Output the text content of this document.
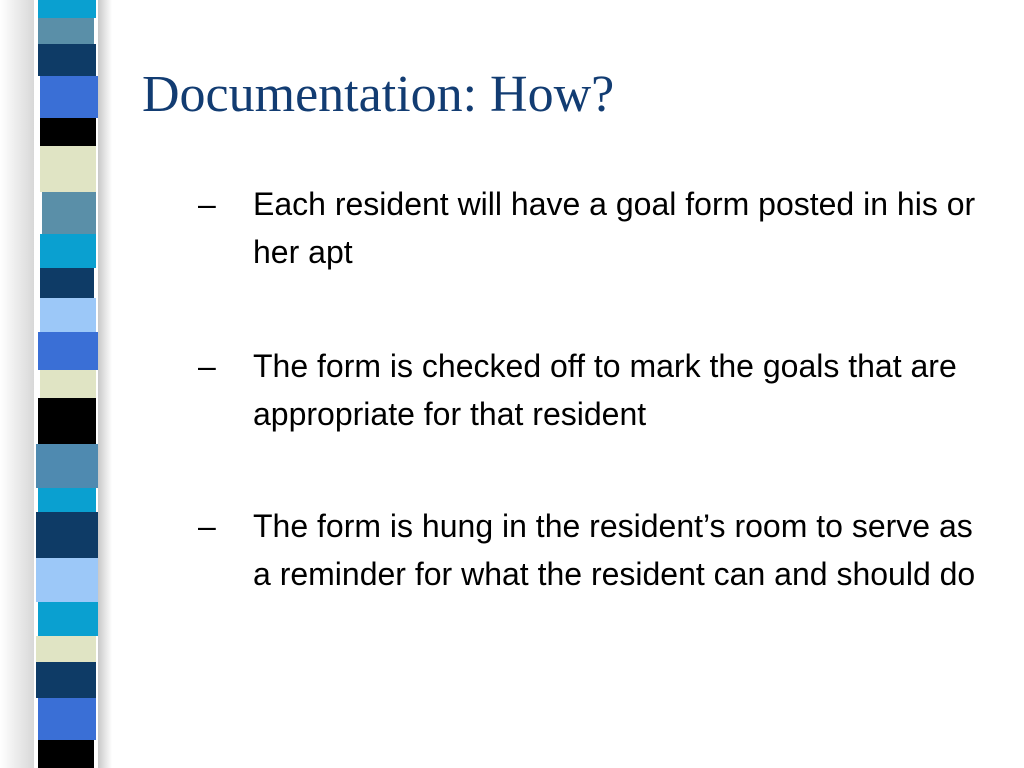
Documentation: How?
–	Each resident will have a goal form posted in his or her apt
–	The form is checked off to mark the goals that are appropriate for that resident
–	The form is hung in the resident’s room to serve as a reminder for what the resident can and should do
